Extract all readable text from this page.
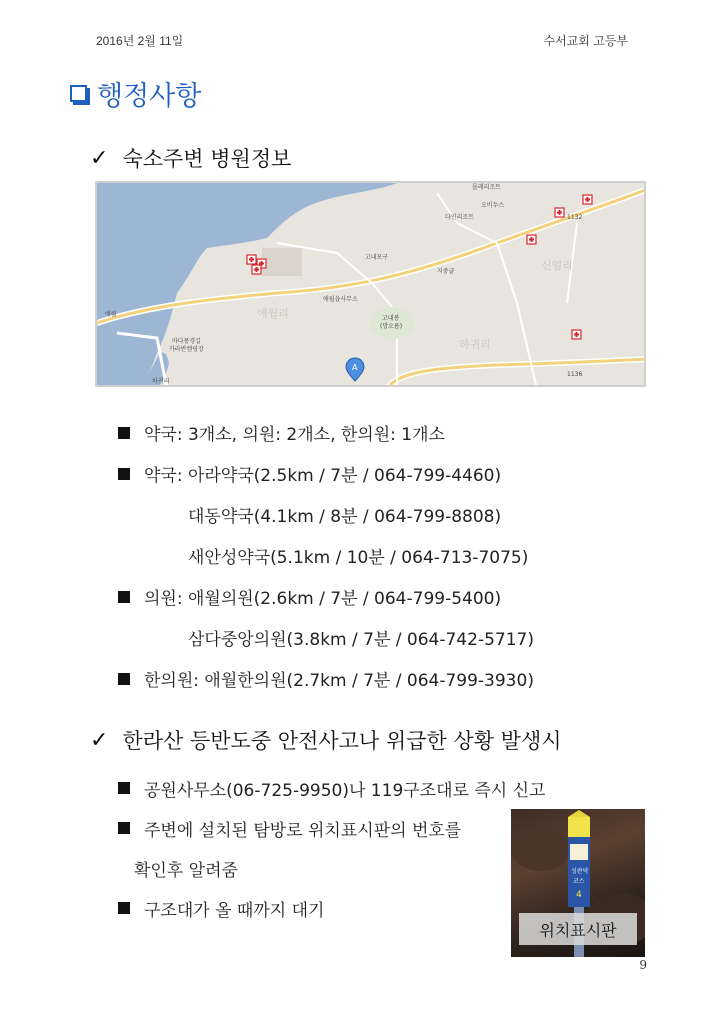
2016년 2월 11일	수서교회 고등부
행정사항
✓ 숙소주변 병원정보
몰레리조트
오비두스
다인리조트	1132
고내포구
지중글	신엄리
애월읍사무소
애월리	고내봉
(망오름)
바다풍경길
카라반캠핑장	하귀리
1136
애월
하귀리
A
약국: 3개소, 의원: 2개소, 한의원: 1개소
약국: 아라약국(2.5km / 7분 / 064-799-4460)
대동약국(4.1km / 8분 / 064-799-8808)
새안성약국(5.1km / 10분 / 064-713-7075)
의원: 애월의원(2.6km / 7분 / 064-799-5400)
삼다중앙의원(3.8km / 7분 / 064-742-5717)
한의원: 애월한의원(2.7km / 7분 / 064-799-3930)
✓ 한라산 등반도중 안전사고나 위급한 상황 발생시
공원사무소(06-725-9950)나 119구조대로 즉시 신고
주변에 설치된 탐방로 위치표시판의 번호를
확인후 알려줌
구조대가 올 때까지 대기
성판악
코스
4
위치표시판
9
